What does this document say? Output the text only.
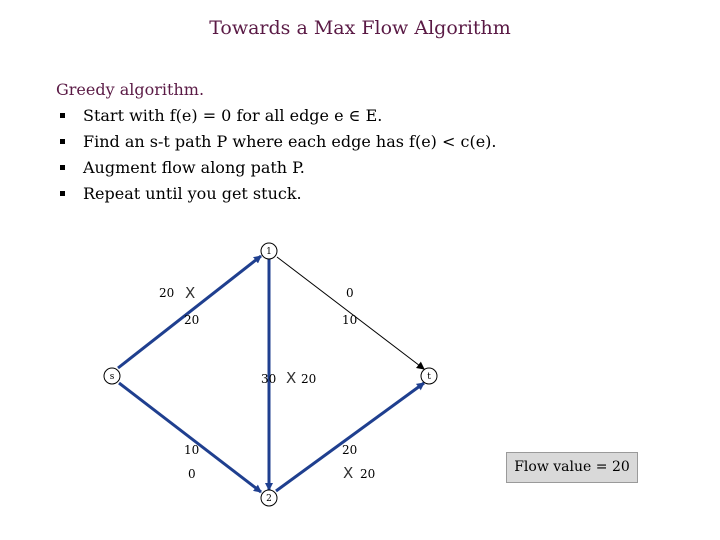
Towards a Max Flow Algorithm
Greedy algorithm.
Start with f(e) = 0 for all edge e ∈ E.
Find an s-t path P where each edge has f(e) < c(e).
Augment flow along path P.
Repeat until you get stuck.
1
s	t
2
20 X
20
0
10
30 X 20
10
0
20
X 20	Flow value = 20
